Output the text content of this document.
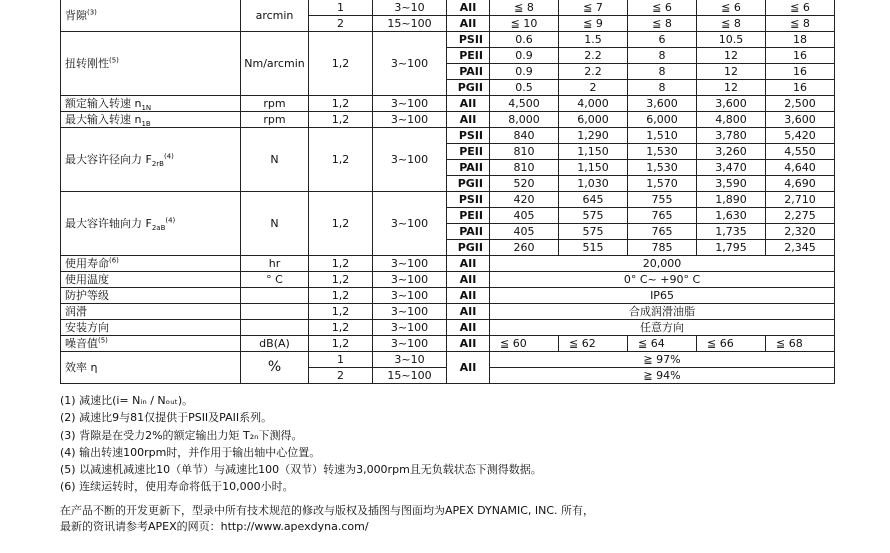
背隙$^{(3)}$	arcmin	1	3~10	AII	≦ 8	≦ 7	≦ 6	≦ 6	≦ 6
		2	15~100	AII	≦ 10	≦ 9	≦ 8	≦ 8	≦ 8
扭转刚性$^{(5)}$	Nm/arcmin	1,2	3~100	PSII	0.6	1.5	6	10.5	18
				PEII	0.9	2.2	8	12	16
				PAII	0.9	2.2	8	12	16
				PGII	0.5	2	8	12	16
额定输入转速 $n_{1N}$	rpm	1,2	3~100	AII	4,500	4,000	3,600	3,600	2,500
最大输入转速 $n_{1B}$	rpm	1,2	3~100	AII	8,000	6,000	6,000	4,800	3,600
最大容许径向力 $F_{2rB}^{(4)}$	N	1,2	3~100	PSII	840	1,290	1,510	3,780	5,420
				PEII	810	1,150	1,530	3,260	4,550
				PAII	810	1,150	1,530	3,470	4,640
				PGII	520	1,030	1,570	3,590	4,690
最大容许轴向力 $F_{2aB}^{(4)}$	N	1,2	3~100	PSII	420	645	755	1,890	2,710
				PEII	405	575	765	1,630	2,275
				PAII	405	575	765	1,735	2,320
				PGII	260	515	785	1,795	2,345
使用寿命$^{(6)}$	hr	1,2	3~100	AII	20,000				
使用温度	° C	1,2	3~100	AII	0° C~ +90° C				
防护等级		1,2	3~100	AII	IP65				
润滑		1,2	3~100	AII	合成润滑油脂				
安装方向		1,2	3~100	AII	任意方向				
噪音值$^{(5)}$	dB(A)	1,2	3~100	AII	≦ 60	≦ 62	≦ 64	≦ 66	≦ 68
效率 η	%	1	3~10	AII	≧ 97%				
		2	15~100		≧ 94%				
(1) 减速比(i= Nᵢₙ / Nₒᵤₜ)。
(2) 减速比9与81仅提供于PSII及PAII系列。
(3) 背隙是在受力2%的额定输出力矩 T₂ₙ下测得。
(4) 输出转速100rpm时，并作用于输出轴中心位置。
(5) 以减速机减速比10（单节）与减速比100（双节）转速为3,000rpm且无负载状态下测得数据。
(6) 连续运转时，使用寿命将低于10,000小时。
在产品不断的开发更新下，型录中所有技术规范的修改与版权及插图与图面均为APEX DYNAMIC, INC. 所有，
最新的资讯请参考APEX的网页：http://www.apexdyna.com/
